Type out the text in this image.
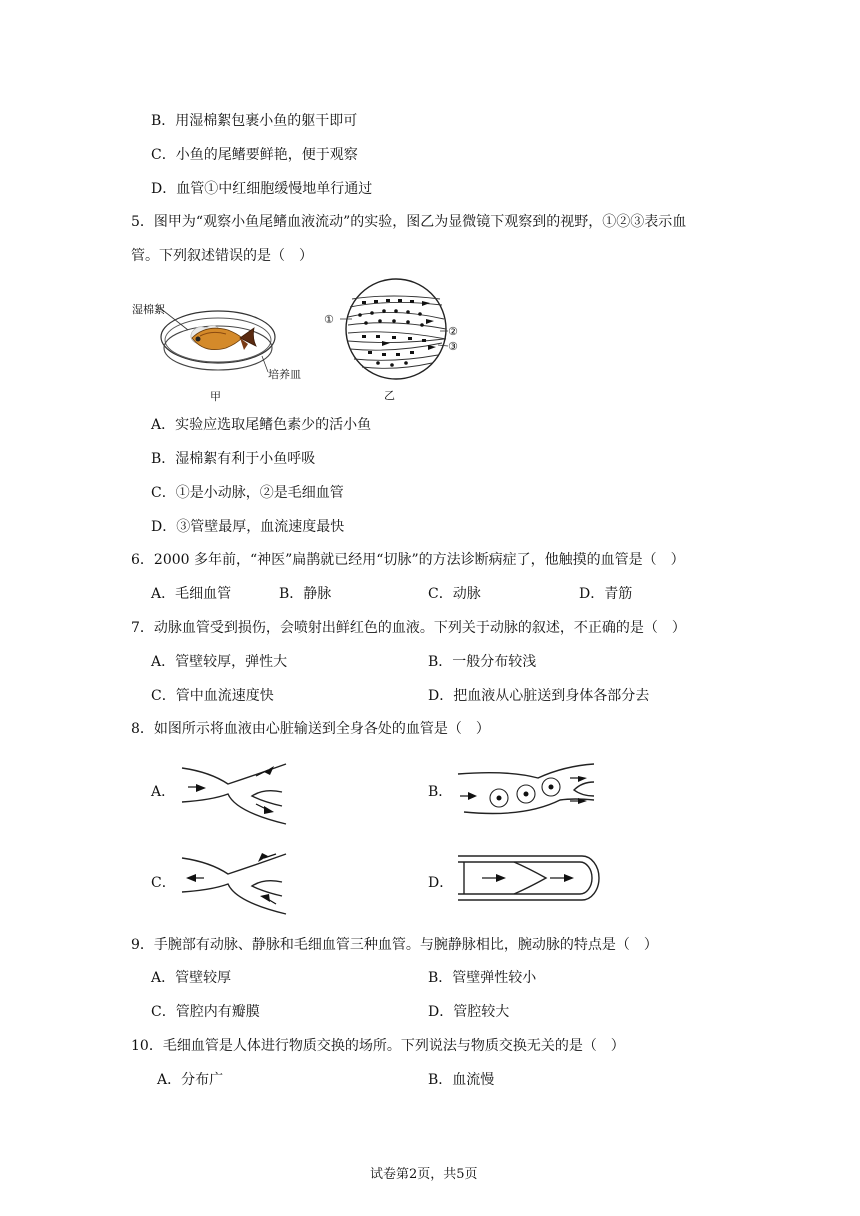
B．用湿棉絮包裹小鱼的躯干即可
C．小鱼的尾鳍要鲜艳，便于观察
D．血管①中红细胞缓慢地单行通过
5．图甲为“观察小鱼尾鳍血液流动”的实验，图乙为显微镜下观察到的视野，①②③表示血
管。下列叙述错误的是（　）
湿棉絮
培养皿
甲
①
②
③
乙
A．实验应选取尾鳍色素少的活小鱼
B．湿棉絮有利于小鱼呼吸
C．①是小动脉，②是毛细血管
D．③管壁最厚，血流速度最快
6．2000 多年前，“神医”扁鹊就已经用“切脉”的方法诊断病症了，他触摸的血管是（　）
A．毛细血管	B．静脉	C．动脉	D．青筋
7．动脉血管受到损伤，会喷射出鲜红色的血液。下列关于动脉的叙述，不正确的是（　）
A．管壁较厚，弹性大	B．一般分布较浅
C．管中血流速度快	D．把血液从心脏送到身体各部分去
8．如图所示将血液由心脏输送到全身各处的血管是（　）
A．	B．
C．	D．
9．手腕部有动脉、静脉和毛细血管三种血管。与腕静脉相比，腕动脉的特点是（　）
A．管壁较厚	B．管壁弹性较小
C．管腔内有瓣膜	D．管腔较大
10．毛细血管是人体进行物质交换的场所。下列说法与物质交换无关的是（　）
A．分布广	B．血流慢
试卷第2页，共5页
